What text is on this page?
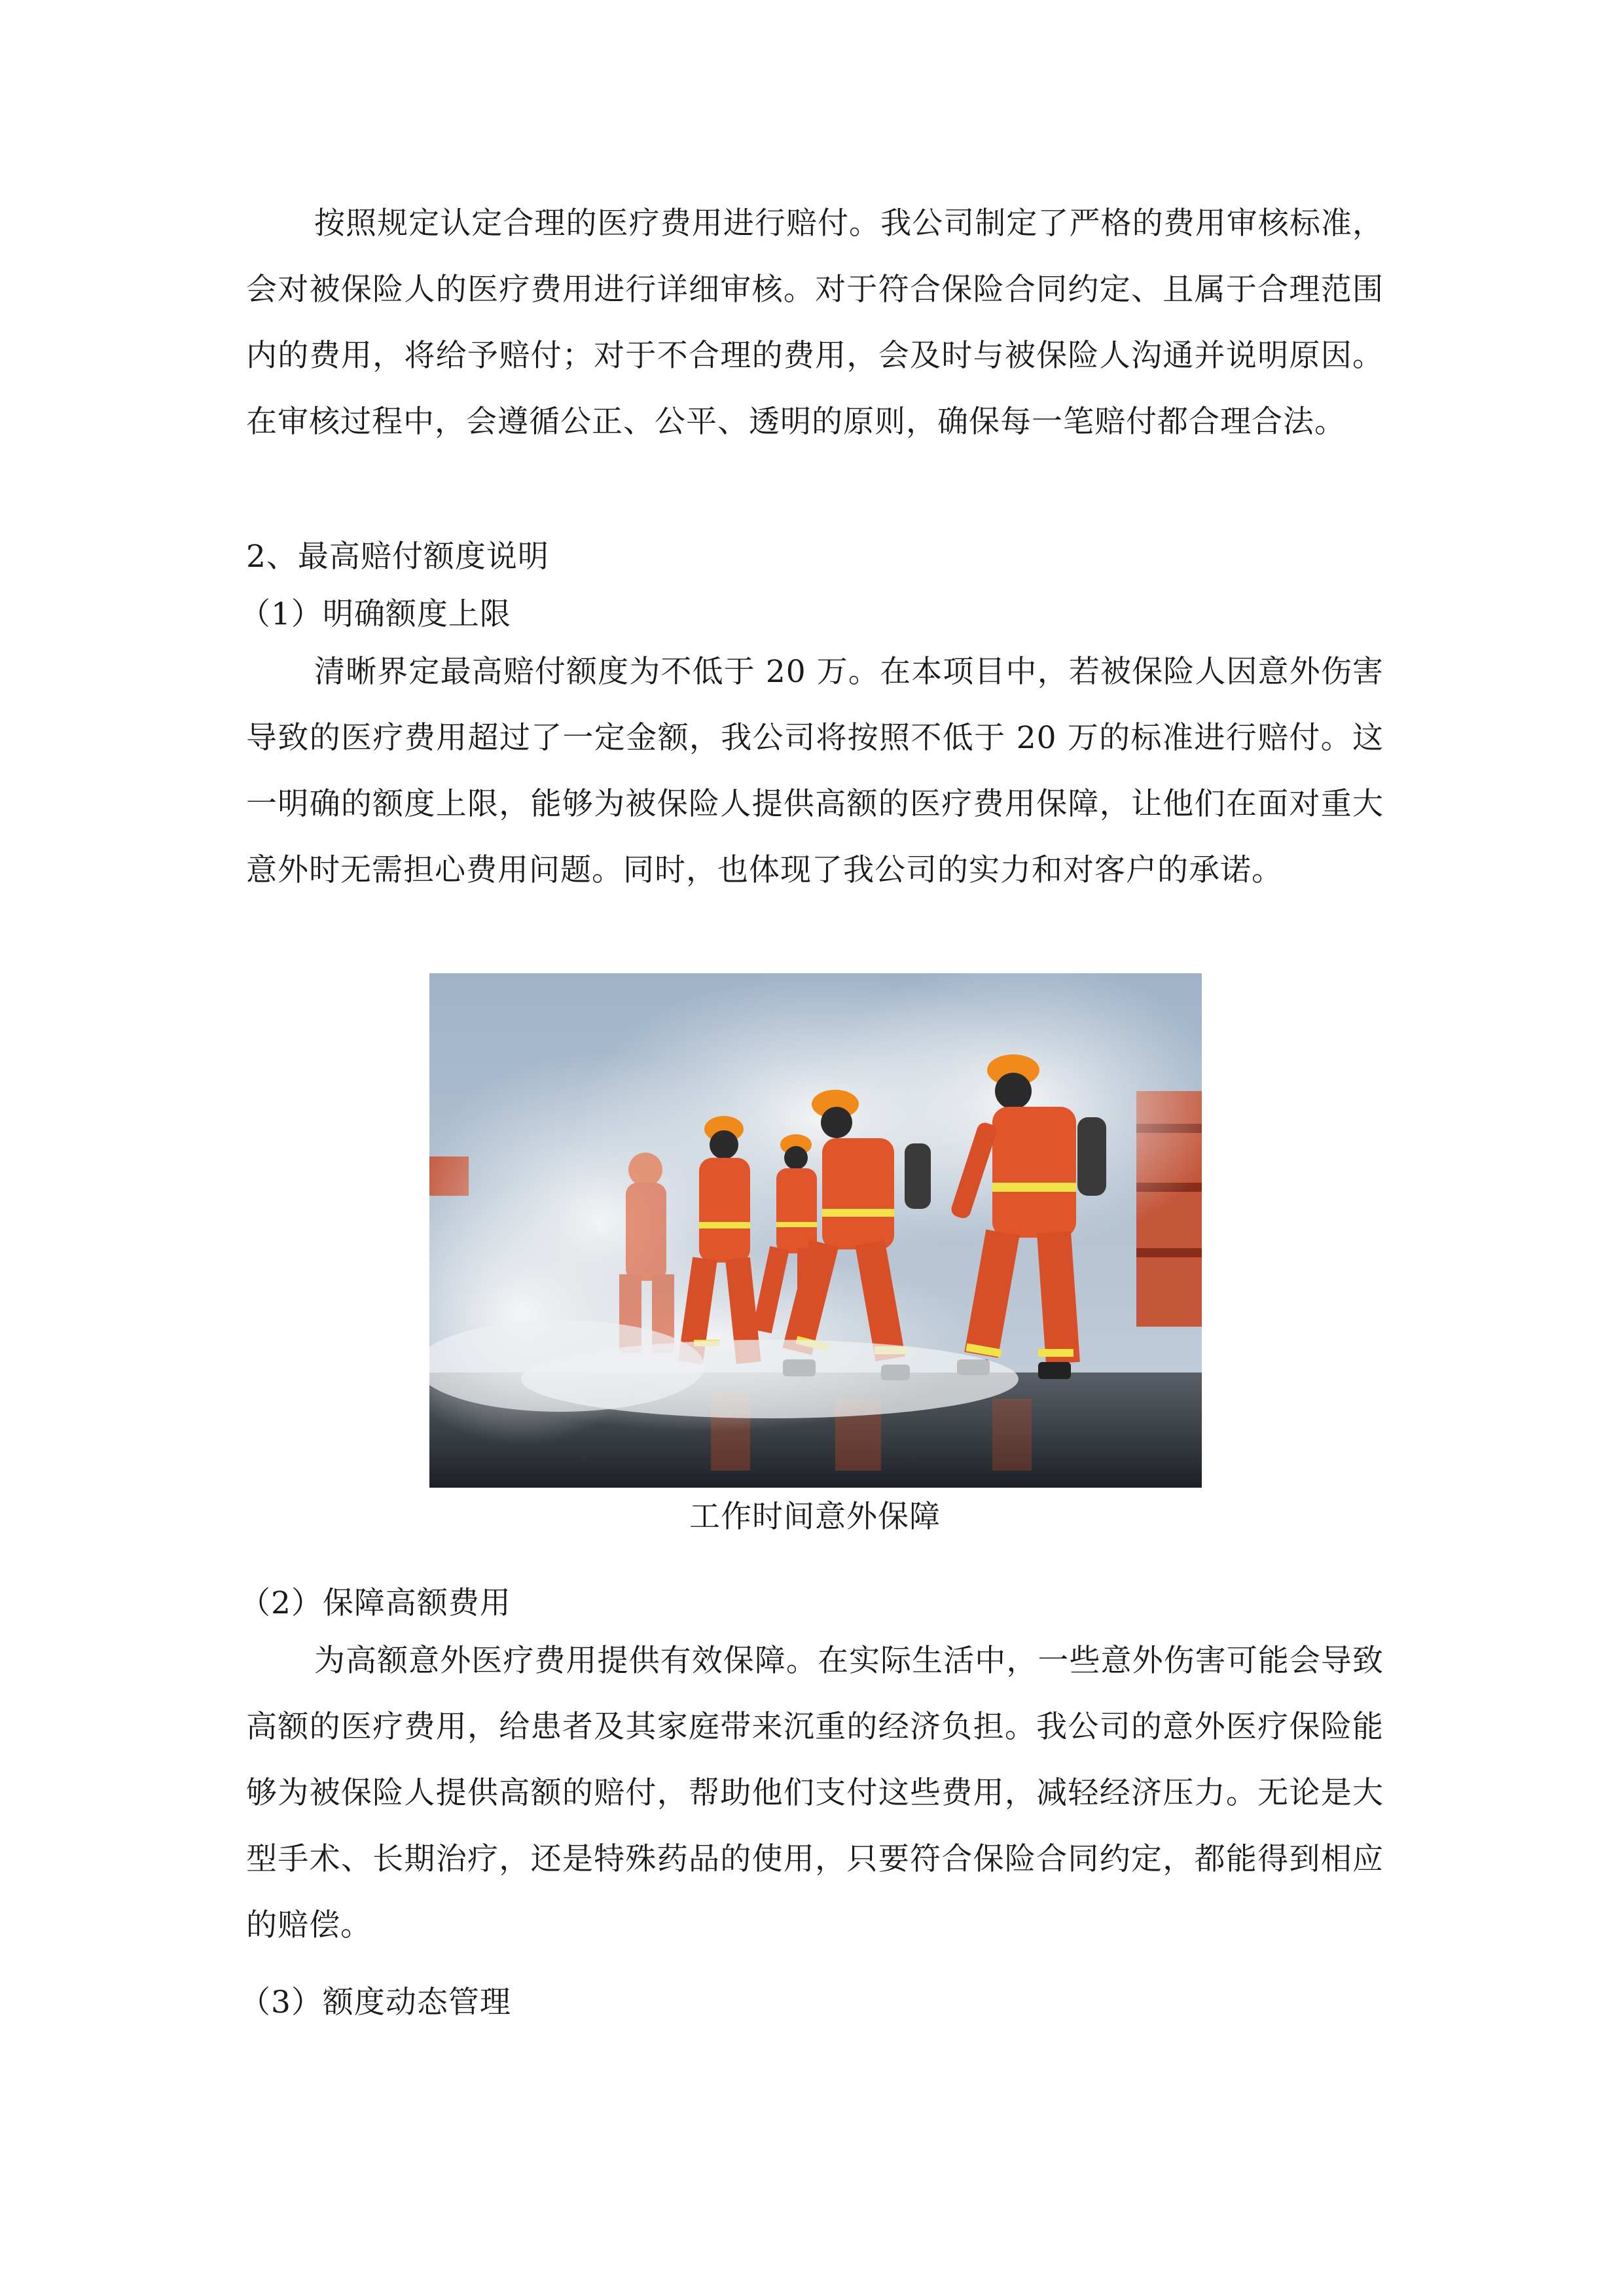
按照规定认定合理的医疗费用进行赔付。我公司制定了严格的费用审核标准，会对被保险人的医疗费用进行详细审核。对于符合保险合同约定、且属于合理范围内的费用，将给予赔付；对于不合理的费用，会及时与被保险人沟通并说明原因。在审核过程中，会遵循公正、公平、透明的原则，确保每一笔赔付都合理合法。

2、最高赔付额度说明

（1）明确额度上限

清晰界定最高赔付额度为不低于 20 万。在本项目中，若被保险人因意外伤害导致的医疗费用超过了一定金额，我公司将按照不低于 20 万的标准进行赔付。这一明确的额度上限，能够为被保险人提供高额的医疗费用保障，让他们在面对重大意外时无需担心费用问题。同时，也体现了我公司的实力和对客户的承诺。

工作时间意外保障

（2）保障高额费用

为高额意外医疗费用提供有效保障。在实际生活中，一些意外伤害可能会导致高额的医疗费用，给患者及其家庭带来沉重的经济负担。我公司的意外医疗保险能够为被保险人提供高额的赔付，帮助他们支付这些费用，减轻经济压力。无论是大型手术、长期治疗，还是特殊药品的使用，只要符合保险合同约定，都能得到相应的赔偿。

（3）额度动态管理
